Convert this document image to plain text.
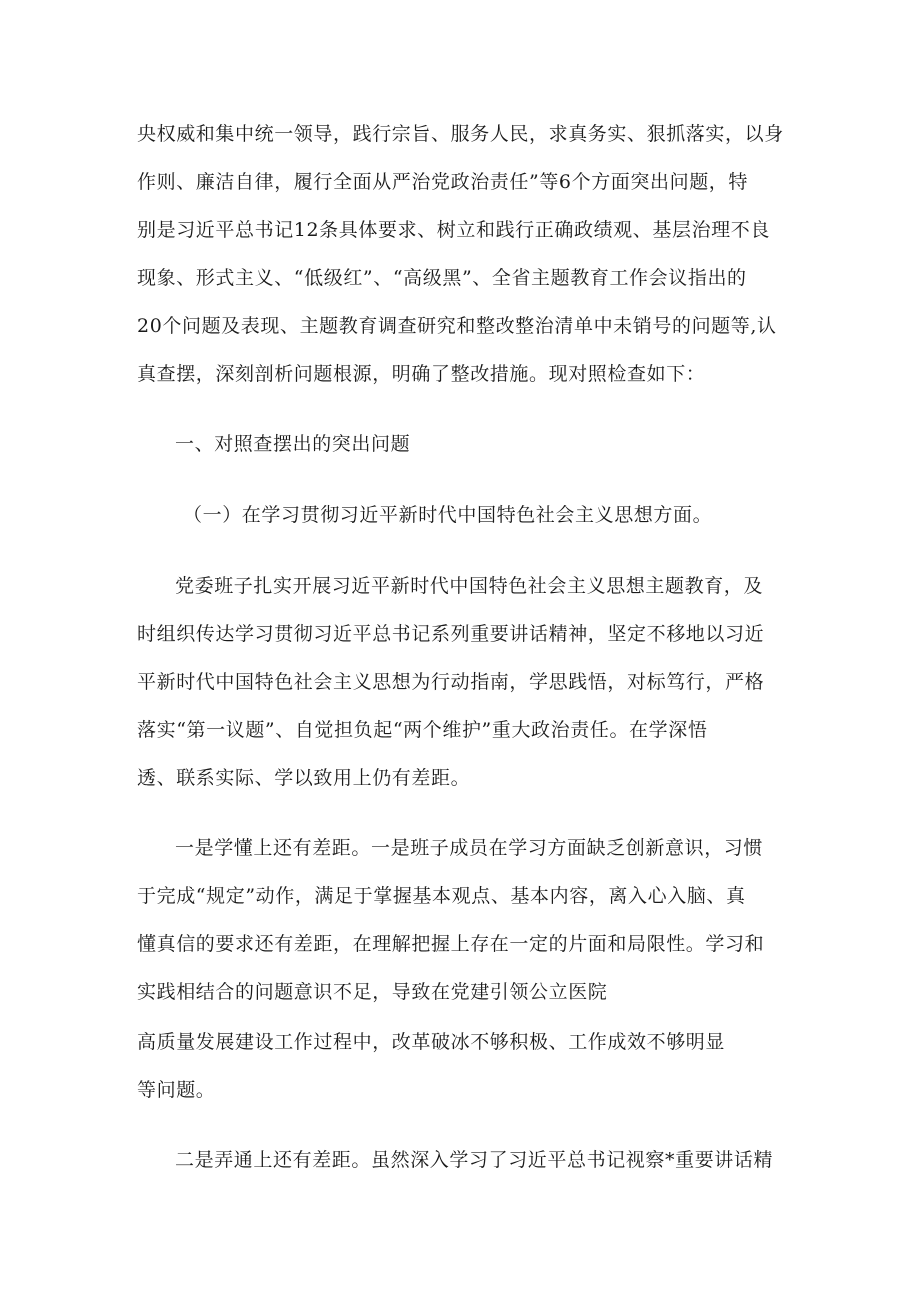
央权威和集中统一领导，践行宗旨、服务人民，求真务实、狠抓落实，以身
作则、廉洁自律，履行全面从严治党政治责任”等6个方面突出问题，特
别是习近平总书记12条具体要求、树立和践行正确政绩观、基层治理不良
现象、形式主义、“低级红”、“高级黑”、全省主题教育工作会议指出的
20个问题及表现、主题教育调查研究和整改整治清单中未销号的问题等,认
真查摆，深刻剖析问题根源，明确了整改措施。现对照检查如下：
一、对照查摆出的突出问题
（一）在学习贯彻习近平新时代中国特色社会主义思想方面。
党委班子扎实开展习近平新时代中国特色社会主义思想主题教育，及
时组织传达学习贯彻习近平总书记系列重要讲话精神，坚定不移地以习近
平新时代中国特色社会主义思想为行动指南，学思践悟，对标笃行，严格
落实“第一议题”、自觉担负起“两个维护”重大政治责任。在学深悟
透、联系实际、学以致用上仍有差距。
一是学懂上还有差距。一是班子成员在学习方面缺乏创新意识，习惯
于完成“规定”动作，满足于掌握基本观点、基本内容，离入心入脑、真
懂真信的要求还有差距，在理解把握上存在一定的片面和局限性。学习和
实践相结合的问题意识不足，导致在党建引领公立医院
高质量发展建设工作过程中，改革破冰不够积极、工作成效不够明显
等问题。
二是弄通上还有差距。虽然深入学习了习近平总书记视察*重要讲话精
